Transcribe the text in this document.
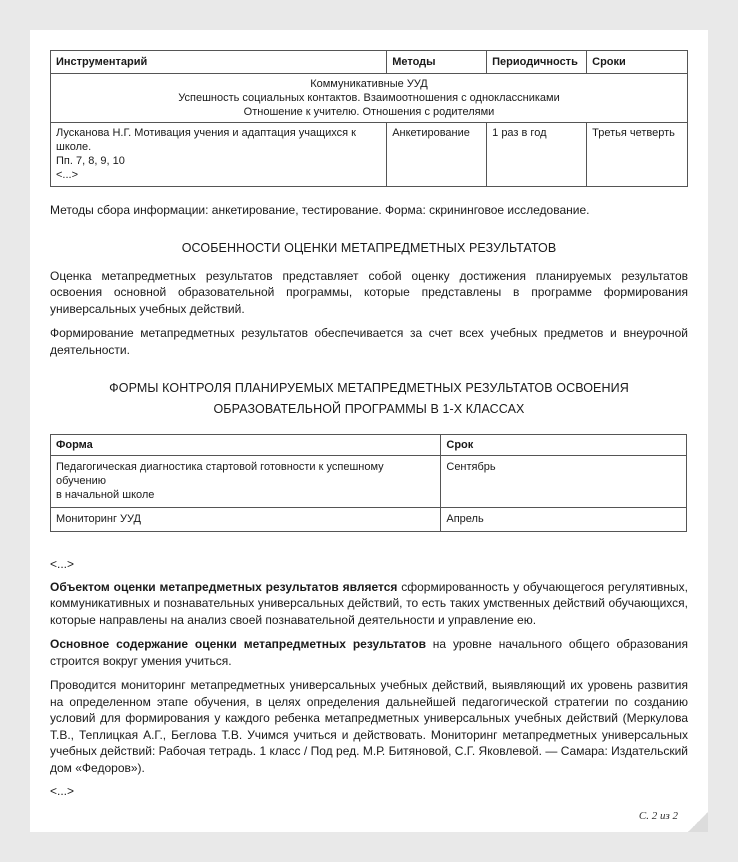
Инструментарий	Методы	Периодичность	Сроки

Коммуникативные УУД
Успешность социальных контактов. Взаимоотношения с одноклассниками
Отношение к учителю. Отношения с родителями			

Лусканова Н.Г. Мотивация учения и адаптация учащихся к школе.
Пп. 7, 8, 9, 10
<...>	Анкетирование	1 раз в год	Третья четверть

Методы сбора информации: анкетирование, тестирование. Форма: скрининговое исследование.

ОСОБЕННОСТИ ОЦЕНКИ МЕТАПРЕДМЕТНЫХ РЕЗУЛЬТАТОВ

Оценка метапредметных результатов представляет собой оценку достижения планируемых результатов освоения основной образовательной программы, которые представлены в программе формирования универсальных учебных действий.

Формирование метапредметных результатов обеспечивается за счет всех учебных предметов и внеурочной деятельности.

ФОРМЫ КОНТРОЛЯ ПЛАНИРУЕМЫХ МЕТАПРЕДМЕТНЫХ РЕЗУЛЬТАТОВ ОСВОЕНИЯ
ОБРАЗОВАТЕЛЬНОЙ ПРОГРАММЫ В 1-Х КЛАССАХ
Форма	Срок

Педагогическая диагностика стартовой готовности к успешному обучению
в начальной школе	Сентябрь
Мониторинг УУД	Апрель

<...>

Объектом оценки метапредметных результатов является сформированность у обучающегося регулятивных, коммуникативных и познавательных универсальных действий, то есть таких умственных действий обучающихся, которые направлены на анализ своей познавательной деятельности и управление ею.

Основное содержание оценки метапредметных результатов на уровне начального общего образования строится вокруг умения учиться.

Проводится мониторинг метапредметных универсальных учебных действий, выявляющий их уровень развития на определенном этапе обучения, в целях определения дальнейшей педагогической стратегии по созданию условий для формирования у каждого ребенка метапредметных универсальных учебных действий (Меркулова Т.В., Теплицкая А.Г., Беглова Т.В. Учимся учиться и действовать. Мониторинг метапредметных универсальных учебных действий: Рабочая тетрадь. 1 класс / Под ред. М.Р. Битяновой, С.Г. Яковлевой. — Самара: Издательский дом «Федоров»).

<...>

С. 2 из 2
